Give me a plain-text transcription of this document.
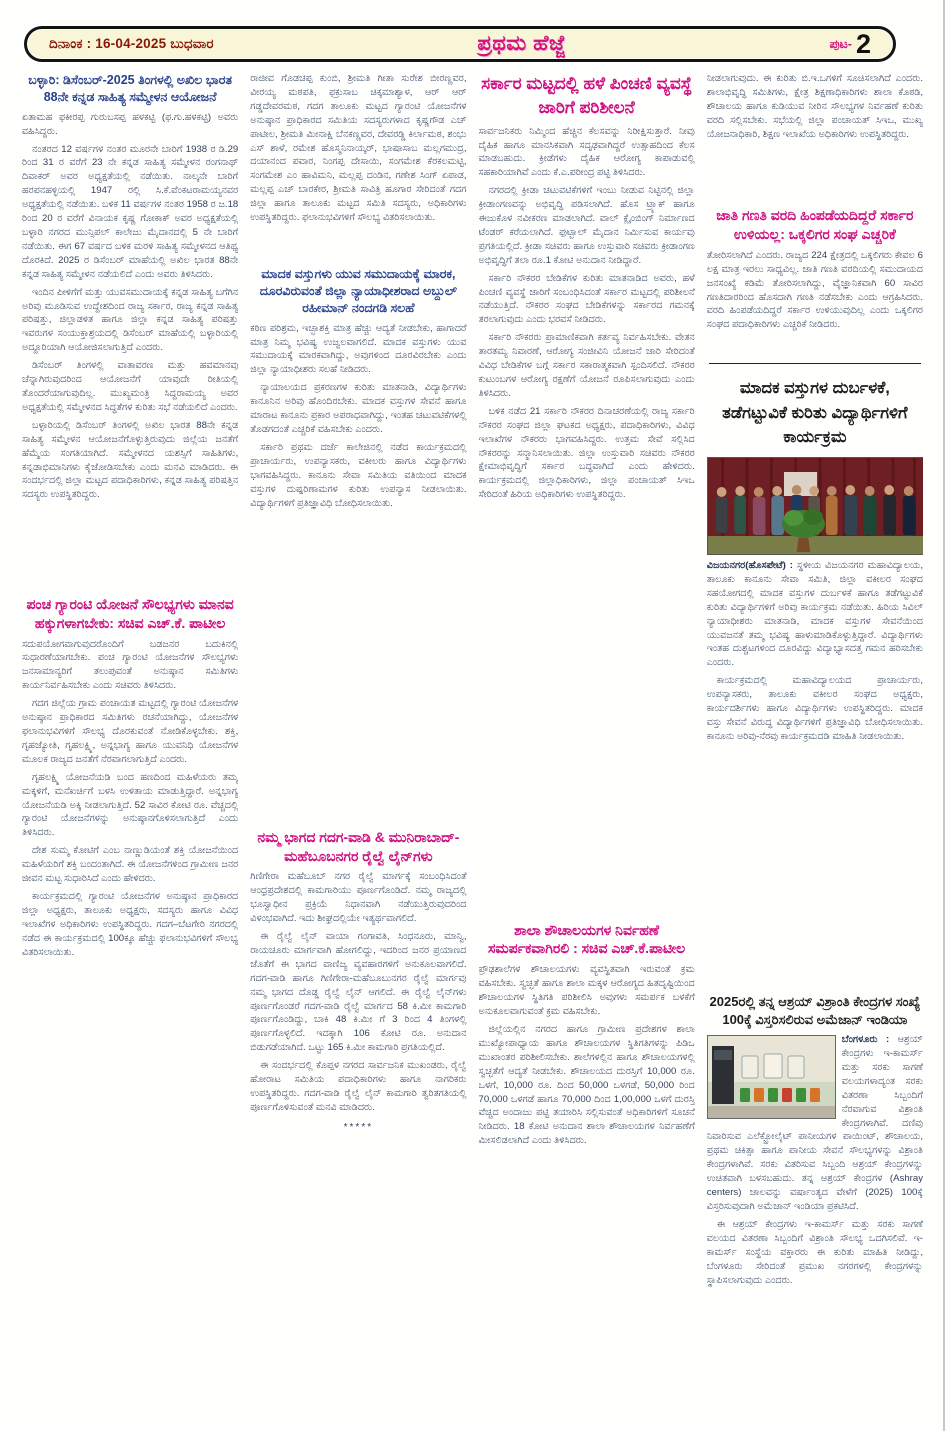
ದಿನಾಂಕ : 16-04-2025 ಬುಧವಾರ	ಪ್ರಥಮ ಹೆಜ್ಜೆ	ಪುಟ- 2
ಬಳ್ಳಾರಿ: ಡಿಸೆಂಬರ್-2025 ತಿಂಗಳಲ್ಲಿ ಅಖಿಲ ಭಾರತ 88ನೇ ಕನ್ನಡ ಸಾಹಿತ್ಯ ಸಮ್ಮೇಳನ ಆಯೋಜನೆ

ಏತಾಮಹ ಫಕೀರಪ್ಪ ಗುರುಬಸಪ್ಪ ಹಳಕಟ್ಟಿ (ಫ.ಗು.ಹಳಕಟ್ಟಿ) ಅವರು ವಹಿಸಿದ್ದರು.

ನಂತರದ 12 ವರ್ಷಗಳ ನಂತರ ಮೂರನೇ ಬಾರಿಗೆ 1938 ರ ಡಿ.29 ರಿಂದ 31 ರ ವರೆಗೆ 23 ನೇ ಕನ್ನಡ ಸಾಹಿತ್ಯ ಸಮ್ಮೇಳನ ರಂಗನಾಥ್ ದಿವಾಕರ್ ಅವರ ಅಧ್ಯಕ್ಷತೆಯಲ್ಲಿ ನಡೆಯಿತು. ನಾಲ್ಕನೇ ಬಾರಿಗೆ ಹರಪನಹಳ್ಳಿಯಲ್ಲಿ 1947 ರಲ್ಲಿ ಸಿ.ಕೆ.ವೆಂಕಟರಾಮಯ್ಯನವರ ಅಧ್ಯಕ್ಷತೆಯಲ್ಲಿ ನಡೆಯಿತು. ಬಳಿಕ 11 ವರ್ಷಗಳ ನಂತರ 1958 ರ ಜ.18 ರಿಂದ 20 ರ ವರೆಗೆ ವಿನಾಯಕ ಕೃಷ್ಣ ಗೋಕಾಕ್ ಅವರ ಅಧ್ಯಕ್ಷತೆಯಲ್ಲಿ ಬಳ್ಳಾರಿ ನಗರದ ಮುನ್ಸಿಪಲ್ ಕಾಲೇಜು ಮೈದಾನದಲ್ಲಿ 5 ನೇ ಬಾರಿಗೆ ನಡೆಯಿತು. ಈಗ 67 ವರ್ಷದ ಬಳಿಕ ಮರಳಿ ಸಾಹಿತ್ಯ ಸಮ್ಮೇಳನದ ಆತಿಥ್ಯ ದೊರಕಿದೆ. 2025 ರ ಡಿಸೆಂಬರ್ ಮಾಹೆಯಲ್ಲಿ ಅಖಿಲ ಭಾರತ 88ನೇ ಕನ್ನಡ ಸಾಹಿತ್ಯ ಸಮ್ಮೇಳನ ನಡೆಯಲಿದೆ ಎಂದು ಅವರು ತಿಳಿಸಿದರು.

ಇಂದಿನ ಪೀಳಿಗೆಗೆ ಮತ್ತು ಯುವಸಮುದಾಯಕ್ಕೆ ಕನ್ನಡ ಸಾಹಿತ್ಯ ಬಗೆಗಿನ ಅರಿವು ಮೂಡಿಸುವ ಉದ್ದೇಶದಿಂದ ರಾಜ್ಯ ಸರ್ಕಾರ, ರಾಜ್ಯ ಕನ್ನಡ ಸಾಹಿತ್ಯ ಪರಿಷತ್ತು, ಜಿಲ್ಲಾಡಳಿತ ಹಾಗೂ ಜಿಲ್ಲಾ ಕನ್ನಡ ಸಾಹಿತ್ಯ ಪರಿಷತ್ತು ಇವರುಗಳ ಸಂಯುಕ್ತಾಶ್ರಯದಲ್ಲಿ ಡಿಸೆಂಬರ್ ಮಾಹೆಯಲ್ಲಿ ಬಳ್ಳಾರಿಯಲ್ಲಿ ಅದ್ದೂರಿಯಾಗಿ ಆಯೋಜಿಸಲಾಗುತ್ತಿದೆ ಎಂದರು.

ಡಿಸೆಂಬರ್ ತಿಂಗಳಲ್ಲಿ ವಾತಾವರಣ ಮತ್ತು ಹವಮಾನವು ಚೆನ್ನಾಗಿರುವುದರಿಂದ ಆಯೋಜನೆಗೆ ಯಾವುದೇ ರೀತಿಯಲ್ಲಿ ತೊಂದರೆಯಾಗುವುದಿಲ್ಲ. ಮುಖ್ಯಮಂತ್ರಿ ಸಿದ್ದರಾಮಯ್ಯ ಅವರ ಅಧ್ಯಕ್ಷತೆಯಲ್ಲಿ ಸಮ್ಮೇಳನದ ಸಿದ್ಧತೆಗಳ ಕುರಿತು ಸಭೆ ನಡೆಯಲಿದೆ ಎಂದರು.

ಬಳ್ಳಾರಿಯಲ್ಲಿ ಡಿಸೆಂಬರ್ ತಿಂಗಳಲ್ಲಿ ಅಖಿಲ ಭಾರತ 88ನೇ ಕನ್ನಡ ಸಾಹಿತ್ಯ ಸಮ್ಮೇಳನ ಆಯೋಜನೆಗೊಳ್ಳುತ್ತಿರುವುದು ಜಿಲ್ಲೆಯ ಜನತೆಗೆ ಹೆಮ್ಮೆಯ ಸಂಗತಿಯಾಗಿದೆ. ಸಮ್ಮೇಳನದ ಯಶಸ್ಸಿಗೆ ಸಾಹಿತಿಗಳು, ಕನ್ನಡಾಭಿಮಾನಿಗಳು ಕೈಜೋಡಿಸಬೇಕು ಎಂದು ಮನವಿ ಮಾಡಿದರು. ಈ ಸಂದರ್ಭದಲ್ಲಿ ಜಿಲ್ಲಾ ಮಟ್ಟದ ಪದಾಧಿಕಾರಿಗಳು, ಕನ್ನಡ ಸಾಹಿತ್ಯ ಪರಿಷತ್ತಿನ ಸದಸ್ಯರು ಉಪಸ್ಥಿತರಿದ್ದರು.

ಪಂಚ ಗ್ಯಾರಂಟಿ ಯೋಜನೆ ಸೌಲಭ್ಯಗಳು ಮಾನವ ಹಕ್ಕುಗಳಾಗಬೇಕು: ಸಚಿವ ಎಚ್.ಕೆ. ಪಾಟೀಲ

ಸದುಪಯೋಗವಾಗುವುದರೊಂದಿಗೆ ಬಡಜನರ ಬದುಕಿನಲ್ಲಿ ಸುಧಾರಣೆಯಾಗಬೇಕು. ಪಂಚ ಗ್ಯಾರಂಟಿ ಯೋಜನೆಗಳ ಸೌಲಭ್ಯಗಳು ಜನಸಾಮಾನ್ಯರಿಗೆ ತಲುಪುವಂತೆ ಅನುಷ್ಠಾನ ಸಮಿತಿಗಳು ಕಾರ್ಯನಿರ್ವಹಿಸಬೇಕು ಎಂದು ಸಚಿವರು ತಿಳಿಸಿದರು.

ಗದಗ ಜಿಲ್ಲೆಯ ಗ್ರಾಮ ಪಂಚಾಯತ ಮಟ್ಟದಲ್ಲಿ ಗ್ಯಾರಂಟಿ ಯೋಜನೆಗಳ ಅನುಷ್ಠಾನ ಪ್ರಾಧಿಕಾರದ ಸಮಿತಿಗಳು ರಚನೆಯಾಗಿದ್ದು, ಯೋಜನೆಗಳ ಫಲಾನುಭವಿಗಳಿಗೆ ಸೌಲಭ್ಯ ದೊರಕುವಂತೆ ನೋಡಿಕೊಳ್ಳಬೇಕು. ಶಕ್ತಿ, ಗೃಹಜ್ಯೋತಿ, ಗೃಹಲಕ್ಷ್ಮಿ, ಅನ್ನಭಾಗ್ಯ ಹಾಗೂ ಯುವನಿಧಿ ಯೋಜನೆಗಳ ಮೂಲಕ ರಾಜ್ಯದ ಜನತೆಗೆ ನೆರವಾಗಲಾಗುತ್ತಿದೆ ಎಂದರು.

ಗೃಹಲಕ್ಷ್ಮಿ ಯೋಜನೆಯಡಿ ಬಂದ ಹಣದಿಂದ ಮಹಿಳೆಯರು ತಮ್ಮ ಮಕ್ಕಳಿಗೆ, ಮನೆಖರ್ಚಿಗೆ ಬಳಸಿ ಉಳಿತಾಯ ಮಾಡುತ್ತಿದ್ದಾರೆ. ಅನ್ನಭಾಗ್ಯ ಯೋಜನೆಯಡಿ ಅಕ್ಕಿ ನೀಡಲಾಗುತ್ತಿದೆ. 52 ಸಾವಿರ ಕೋಟಿ ರೂ. ವೆಚ್ಚದಲ್ಲಿ ಗ್ಯಾರಂಟಿ ಯೋಜನೆಗಳನ್ನು ಅನುಷ್ಠಾನಗೊಳಿಸಲಾಗುತ್ತಿದೆ ಎಂದು ತಿಳಿಸಿದರು.

ದೇಶ ಸುಮ್ಮ ಕೋಟಿಗೆ ಎಂಬ ನಾಣ್ಣುಡಿಯಂತೆ ಶಕ್ತಿ ಯೋಜನೆಯಿಂದ ಮಹಿಳೆಯರಿಗೆ ಶಕ್ತಿ ಬಂದಂತಾಗಿದೆ. ಈ ಯೋಜನೆಗಳಿಂದ ಗ್ರಾಮೀಣ ಜನರ ಜೀವನ ಮಟ್ಟ ಸುಧಾರಿಸಿದೆ ಎಂದು ಹೇಳಿದರು.

ಕಾರ್ಯಕ್ರಮದಲ್ಲಿ ಗ್ಯಾರಂಟಿ ಯೋಜನೆಗಳ ಅನುಷ್ಠಾನ ಪ್ರಾಧಿಕಾರದ ಜಿಲ್ಲಾ ಅಧ್ಯಕ್ಷರು, ತಾಲೂಕು ಅಧ್ಯಕ್ಷರು, ಸದಸ್ಯರು ಹಾಗೂ ವಿವಿಧ ಇಲಾಖೆಗಳ ಅಧಿಕಾರಿಗಳು ಉಪಸ್ಥಿತರಿದ್ದರು. ಗದಗ–ಬೆಟಗೇರಿ ನಗರದಲ್ಲಿ ನಡೆದ ಈ ಕಾರ್ಯಕ್ರಮದಲ್ಲಿ 100ಕ್ಕೂ ಹೆಚ್ಚು ಫಲಾನುಭವಿಗಳಿಗೆ ಸೌಲಭ್ಯ ವಿತರಿಸಲಾಯಿತು.

ರಾಜೀವ ಗೊಡಚಪ್ಪ ಕುಂಬಿ, ಶ್ರೀಮತಿ ಗೀತಾ ಸುರೇಶ ಬೀರಣ್ಣವರ, ವೀರಯ್ಯ ಮಠಪತಿ, ಫಕ್ರುಸಾಬ ಚಿಕ್ಕಮಾಶ್ಯಾಳ, ಆರ್ ಆರ್ ಗಡ್ಡದೇವರಮಠ, ಗದಗ ತಾಲೂಕು ಮಟ್ಟದ ಗ್ಯಾರಂಟಿ ಯೋಜನೆಗಳ ಅನುಷ್ಠಾನ ಪ್ರಾಧಿಕಾರದ ಸಮಿತಿಯ ಸದಸ್ಯರುಗಳಾದ ಕೃಷ್ಣಗೌಡ ಎಚ್ ಪಾಟೀಲ, ಶ್ರೀಮತಿ ಮೀನಾಕ್ಷಿ ಬೆನಕಣ್ಣವರ, ದೇವರಡ್ಡಿ ಕಿರ್ಲಾಮಠ, ಶಂಭು ಎಸ್ ಶಾಳೆ, ರಮೇಶ ಹೊಸ್ಮನಿನಾಯ್ಕರ್, ಭಾಷಾಸಾಬ ಮಲ್ಲಗಮುದ್ರ, ದಯಾನಂದ ಪವಾರ, ನಿಂಗಪ್ಪ ದೇಸಾಯಿ, ಸಂಗಮೇಶ ಕೆರಕಲಮಟ್ಟಿ, ಸಂಗಮೇಶ ಎಂ ಹಾವಿಮನಿ, ಮಲ್ಲಪ್ಪ ದಂಡಿನ, ಗಣೇಶ ಸಿಂಗ್ ಏಪಾಡ, ಮಲ್ಲಪ್ಪ ಎಚ್ ಬಾರಕೇರ, ಶ್ರೀಮತಿ ಸಾವಿತ್ರಿ ಹೂಗಾರ ಸೇರಿದಂತೆ ಗದಗ ಜಿಲ್ಲಾ ಹಾಗೂ ತಾಲೂಕು ಮಟ್ಟದ ಸಮಿತಿ ಸದಸ್ಯರು, ಅಧಿಕಾರಿಗಳು ಉಪಸ್ಥಿತರಿದ್ದರು. ಫಲಾನುಭವಿಗಳಿಗೆ ಸೌಲಭ್ಯ ವಿತರಿಸಲಾಯಿತು.

ಮಾದಕ ವಸ್ತುಗಳು ಯುವ ಸಮುದಾಯಕ್ಕೆ ಮಾರಕ, ದೂರವಿರುವಂತೆ ಜಿಲ್ಲಾ ನ್ಯಾಯಾಧೀಶರಾದ ಅಬ್ದುಲ್ ರಹೀಮಾನ್ ನಂದಗಡಿ ಸಲಹೆ

ಕಠಿಣ ಪರಿಶ್ರಮ, ಇಚ್ಛಾಶಕ್ತಿ ಮಾತ್ರ ಹೆಚ್ಚು ಆದ್ಯತೆ ನೀಡಬೇಕು, ಹಾಗಾದರೆ ಮಾತ್ರ ನಿಮ್ಮ ಭವಿಷ್ಯ ಉಜ್ವಲವಾಗಲಿದೆ. ಮಾದಕ ವಸ್ತುಗಳು ಯುವ ಸಮುದಾಯಕ್ಕೆ ಮಾರಕವಾಗಿದ್ದು, ಅವುಗಳಿಂದ ದೂರವಿರಬೇಕು ಎಂದು ಜಿಲ್ಲಾ ನ್ಯಾಯಾಧೀಶರು ಸಲಹೆ ನೀಡಿದರು.

ನ್ಯಾಯಾಲಯದ ಪ್ರಕರಣಗಳ ಕುರಿತು ಮಾತನಾಡಿ, ವಿದ್ಯಾರ್ಥಿಗಳು ಕಾನೂನಿನ ಅರಿವು ಹೊಂದಿರಬೇಕು. ಮಾದಕ ವಸ್ತುಗಳ ಸೇವನೆ ಹಾಗೂ ಮಾರಾಟ ಕಾನೂನು ಪ್ರಕಾರ ಅಪರಾಧವಾಗಿದ್ದು, ಇಂತಹ ಚಟುವಟಿಕೆಗಳಲ್ಲಿ ತೊಡಗದಂತೆ ಎಚ್ಚರಿಕೆ ವಹಿಸಬೇಕು ಎಂದರು.

ಸರ್ಕಾರಿ ಪ್ರಥಮ ದರ್ಜೆ ಕಾಲೇಜಿನಲ್ಲಿ ನಡೆದ ಕಾರ್ಯಕ್ರಮದಲ್ಲಿ ಪ್ರಾಚಾರ್ಯರು, ಉಪನ್ಯಾಸಕರು, ವಕೀಲರು ಹಾಗೂ ವಿದ್ಯಾರ್ಥಿಗಳು ಭಾಗವಹಿಸಿದ್ದರು. ಕಾನೂನು ಸೇವಾ ಸಮಿತಿಯ ವತಿಯಿಂದ ಮಾದಕ ವಸ್ತುಗಳ ದುಷ್ಪರಿಣಾಮಗಳ ಕುರಿತು ಉಪನ್ಯಾಸ ನೀಡಲಾಯಿತು. ವಿದ್ಯಾರ್ಥಿಗಳಿಗೆ ಪ್ರತಿಜ್ಞಾವಿಧಿ ಬೋಧಿಸಲಾಯಿತು.

ನಮ್ಮ ಭಾಗದ ಗದಗ-ವಾಡಿ & ಮುನಿರಾಬಾದ್- ಮಹೆಬೂಬನಗರ ರೈಲ್ವೆ ಲೈನ್‌ಗಳು

ಗಿಣಿಗೇರಾ ಮಹೆಬೂಬ್ ನಗರ ರೈಲ್ವೆ ಮಾರ್ಗಕ್ಕೆ ಸಂಬಂಧಿಸಿದಂತೆ ಆಂಧ್ರಪ್ರದೇಶದಲ್ಲಿ ಕಾಮಗಾರಿಯು ಪೂರ್ಣಗೊಂಡಿದೆ. ನಮ್ಮ ರಾಜ್ಯದಲ್ಲಿ ಭೂಸ್ವಾಧೀನ ಪ್ರಕ್ರಿಯೆ ನಿಧಾನವಾಗಿ ನಡೆಯುತ್ತಿರುವುದರಿಂದ ವಿಳಂಭವಾಗಿದೆ. ಇದು ಶೀಘ್ರದಲ್ಲಿಯೇ ಇತ್ಯರ್ಥವಾಗಲಿದೆ.

ಈ ರೈಲ್ವೆ ಲೈನ್ ವಾಯಾ ಗಂಗಾವತಿ, ಸಿಂಧನೂರು, ಮಾನ್ವಿ, ರಾಯಚೂರು ಮಾರ್ಗವಾಗಿ ಹೋಗಲಿದ್ದು, ಇದರಿಂದ ಜನರ ಪ್ರಯಾಣದ ಜೊತೆಗೆ ಈ ಭಾಗದ ವಾಣಿಜ್ಯ ವ್ಯವಹಾರಗಳಿಗೆ ಅನುಕೂಲವಾಗಲಿದೆ. ಗದಗ-ವಾಡಿ ಹಾಗೂ ಗಿಣಿಗೇರಾ-ಮಹೆಬೂಬುನಗರ ರೈಲ್ವೆ ಮಾರ್ಗವು ನಮ್ಮ ಭಾಗದ ದೊಡ್ಡ ರೈಲ್ವೆ ಲೈನ್ ಆಗಲಿದೆ. ಈ ರೈಲ್ವೆ ಲೈನ್‌ಗಳು ಪೂರ್ಣಗೊಂಡರೆ ಗದಗ-ವಾಡಿ ರೈಲ್ವೆ ಮಾರ್ಗದ 58 ಕಿ.ಮೀ ಕಾಮಗಾರಿ ಪೂರ್ಣಗೊಂಡಿದ್ದು, ಬಾಕಿ 48 ಕಿ.ಮೀ ಗೆ 3 ರಿಂದ 4 ತಿಂಗಳಲ್ಲಿ ಪೂರ್ಣಗೊಳ್ಳಲಿದೆ. ಇದಕ್ಕಾಗಿ 106 ಕೋಟಿ ರೂ. ಅನುದಾನ ಬಿಡುಗಡೆಯಾಗಿದೆ. ಒಟ್ಟು 165 ಕಿ.ಮೀ ಕಾಮಗಾರಿ ಪ್ರಗತಿಯಲ್ಲಿದೆ.

ಈ ಸಂದರ್ಭದಲ್ಲಿ ಕೊಪ್ಪಳ ನಗರದ ಸಾರ್ವಜನಿಕ ಮುಖಂಡರು, ರೈಲ್ವೆ ಹೋರಾಟ ಸಮಿತಿಯ ಪದಾಧಿಕಾರಿಗಳು ಹಾಗೂ ನಾಗರಿಕರು ಉಪಸ್ಥಿತರಿದ್ದರು. ಗದಗ-ವಾಡಿ ರೈಲ್ವೆ ಲೈನ್ ಕಾಮಗಾರಿ ತ್ವರಿತಗತಿಯಲ್ಲಿ ಪೂರ್ಣಗೊಳಿಸುವಂತೆ ಮನವಿ ಮಾಡಿದರು.

*****
ಸರ್ಕಾರ ಮಟ್ಟದಲ್ಲಿ ಹಳೆ ಪಿಂಚಣಿ ವ್ಯವಸ್ಥೆ ಜಾರಿಗೆ ಪರಿಶೀಲನೆ

ಸಾರ್ವಜನಿಕರು ನಿಮ್ಮಿಂದ ಹೆಚ್ಚಿನ ಕೆಲಸವನ್ನು ನಿರೀಕ್ಷಿಸುತ್ತಾರೆ. ನೀವು ದೈಹಿಕ ಹಾಗೂ ಮಾನಸಿಕವಾಗಿ ಸದೃಢವಾಗಿದ್ದರೆ ಉತ್ಸಾಹದಿಂದ ಕೆಲಸ ಮಾಡಬಹುದು. ಕ್ರೀಡೆಗಳು ದೈಹಿಕ ಆರೋಗ್ಯ ಕಾಪಾಡುವಲ್ಲಿ ಸಹಕಾರಿಯಾಗಿವೆ ಎಂದು ಕೆ.ಎ.ಪರೀಂದ್ರ ಪಟ್ಟಿ ತಿಳಿಸಿದರು.

ನಗರದಲ್ಲಿ ಕ್ರೀಡಾ ಚಟುವಟಿಕೆಗಳಿಗೆ ಇಂಬು ನೀಡುವ ನಿಟ್ಟಿನಲ್ಲಿ ಜಿಲ್ಲಾ ಕ್ರೀಡಾಂಗಣವನ್ನು ಅಭಿವೃದ್ಧಿ ಪಡಿಸಲಾಗಿದೆ. ಹೊಸ ಟ್ರ್ಯಾಕ್ ಹಾಗೂ ಈಜುಕೊಳ ನವೀಕರಣ ಮಾಡಲಾಗಿದೆ. ವಾಲ್ ಕ್ಲೈಂಬಿಂಗ್ ನಿರ್ಮಾಣದ ಟೆಂಡರ್ ಕರೆಯಲಾಗಿದೆ. ಫುಟ್ಬಾಲ್ ಮೈದಾನ ನಿರ್ಮಿಸುವ ಕಾರ್ಯವು ಪ್ರಗತಿಯಲ್ಲಿದೆ. ಕ್ರೀಡಾ ಸಚಿವರು ಹಾಗೂ ಉಸ್ತುವಾರಿ ಸಚಿವರು ಕ್ರೀಡಾಂಗಣ ಅಭಿವೃದ್ಧಿಗೆ ತಲಾ ರೂ.1 ಕೋಟಿ ಅನುದಾನ ನೀಡಿದ್ದಾರೆ.

ಸರ್ಕಾರಿ ನೌಕರರ ಬೇಡಿಕೆಗಳ ಕುರಿತು ಮಾತನಾಡಿದ ಅವರು, ಹಳೆ ಪಿಂಚಣಿ ವ್ಯವಸ್ಥೆ ಜಾರಿಗೆ ಸಂಬಂಧಿಸಿದಂತೆ ಸರ್ಕಾರ ಮಟ್ಟದಲ್ಲಿ ಪರಿಶೀಲನೆ ನಡೆಯುತ್ತಿದೆ. ನೌಕರರ ಸಂಘದ ಬೇಡಿಕೆಗಳನ್ನು ಸರ್ಕಾರದ ಗಮನಕ್ಕೆ ತರಲಾಗುವುದು ಎಂದು ಭರವಸೆ ನೀಡಿದರು.

ಸರ್ಕಾರಿ ನೌಕರರು ಪ್ರಾಮಾಣಿಕವಾಗಿ ಕರ್ತವ್ಯ ನಿರ್ವಹಿಸಬೇಕು. ವೇತನ ತಾರತಮ್ಯ ನಿವಾರಣೆ, ಆರೋಗ್ಯ ಸಂಜೀವಿನಿ ಯೋಜನೆ ಜಾರಿ ಸೇರಿದಂತೆ ವಿವಿಧ ಬೇಡಿಕೆಗಳ ಬಗ್ಗೆ ಸರ್ಕಾರ ಸಕಾರಾತ್ಮಕವಾಗಿ ಸ್ಪಂದಿಸಲಿದೆ. ನೌಕರರ ಕುಟುಂಬಗಳ ಆರೋಗ್ಯ ರಕ್ಷಣೆಗೆ ಯೋಜನೆ ರೂಪಿಸಲಾಗುವುದು ಎಂದು ತಿಳಿಸಿದರು.

ಬಳಿಕ ನಡೆದ 21 ಸರ್ಕಾರಿ ನೌಕರರ ದಿನಾಚರಣೆಯಲ್ಲಿ ರಾಜ್ಯ ಸರ್ಕಾರಿ ನೌಕರರ ಸಂಘದ ಜಿಲ್ಲಾ ಘಟಕದ ಅಧ್ಯಕ್ಷರು, ಪದಾಧಿಕಾರಿಗಳು, ವಿವಿಧ ಇಲಾಖೆಗಳ ನೌಕರರು ಭಾಗವಹಿಸಿದ್ದರು. ಉತ್ತಮ ಸೇವೆ ಸಲ್ಲಿಸಿದ ನೌಕರರನ್ನು ಸನ್ಮಾನಿಸಲಾಯಿತು. ಜಿಲ್ಲಾ ಉಸ್ತುವಾರಿ ಸಚಿವರು ನೌಕರರ ಕ್ಷೇಮಾಭಿವೃದ್ಧಿಗೆ ಸರ್ಕಾರ ಬದ್ಧವಾಗಿದೆ ಎಂದು ಹೇಳಿದರು. ಕಾರ್ಯಕ್ರಮದಲ್ಲಿ ಜಿಲ್ಲಾಧಿಕಾರಿಗಳು, ಜಿಲ್ಲಾ ಪಂಚಾಯತ್ ಸಿಇಒ ಸೇರಿದಂತೆ ಹಿರಿಯ ಅಧಿಕಾರಿಗಳು ಉಪಸ್ಥಿತರಿದ್ದರು.

ಶಾಲಾ ಶೌಚಾಲಯಗಳ ನಿರ್ವಹಣೆ ಸಮರ್ಪಕವಾಗಿರಲಿ : ಸಚಿವ ಎಚ್.ಕೆ.ಪಾಟೀಲ

ಪ್ರೌಢಶಾಲೆಗಳ ಶೌಚಾಲಯಗಳು ವ್ಯವಸ್ಥಿತವಾಗಿ ಇರುವಂತೆ ಕ್ರಮ ವಹಿಸಬೇಕು. ಸ್ವಚ್ಛತೆ ಹಾಗೂ ಶಾಲಾ ಮಕ್ಕಳ ಆರೋಗ್ಯದ ಹಿತದೃಷ್ಟಿಯಿಂದ ಶೌಚಾಲಯಗಳ ಸ್ಥಿತಿಗತಿ ಪರಿಶೀಲಿಸಿ ಅವುಗಳು ಸಮರ್ಪಕ ಬಳಕೆಗೆ ಅನುಕೂಲವಾಗುವಂತೆ ಕ್ರಮ ವಹಿಸಬೇಕು.

ಜಿಲ್ಲೆಯಲ್ಲಿನ ನಗರದ ಹಾಗೂ ಗ್ರಾಮೀಣ ಪ್ರದೇಶಗಳ ಶಾಲಾ ಮುಖ್ಯೋಪಾಧ್ಯಾಯ ಹಾಗೂ ಶೌಚಾಲಯಗಳ ಸ್ಥಿತಿಗತಿಗಳನ್ನು ಪಿಡಿಒ ಮುಖಾಂತರ ಪರಿಶೀಲಿಸಬೇಕು. ಶಾಲೆಗಳಲ್ಲಿನ ಹಾಗೂ ಶೌಚಾಲಯಗಳಲ್ಲಿ ಸ್ವಚ್ಛತೆಗೆ ಆದ್ಯತೆ ನೀಡಬೇಕು. ಶೌಚಾಲಯದ ದುರಸ್ತಿಗೆ 10,000 ರೂ. ಒಳಗೆ, 10,000 ರೂ. ದಿಂದ 50,000 ಒಳಗಡೆ, 50,000 ರಿಂದ 70,000 ಒಳಗಡೆ ಹಾಗೂ 70,000 ದಿಂದ 1,00,000 ಒಳಗೆ ದುರಸ್ತಿ ವೆಚ್ಚದ ಅಂದಾಜು ಪಟ್ಟಿ ತಯಾರಿಸಿ ಸಲ್ಲಿಸುವಂತೆ ಅಧಿಕಾರಿಗಳಿಗೆ ಸೂಚನೆ ನೀಡಿದರು. 18 ಕೋಟಿ ಅನುದಾನ ಶಾಲಾ ಶೌಚಾಲಯಗಳ ನಿರ್ವಹಣೆಗೆ ಮೀಸಲಿಡಲಾಗಿದೆ ಎಂದು ತಿಳಿಸಿದರು.

ನೀಡಲಾಗುವುದು. ಈ ಕುರಿತು ಬಿ.ಇ.ಒಗಳಿಗೆ ಸೂಚಿಸಲಾಗಿದೆ ಎಂದರು. ಶಾಲಾಭಿವೃದ್ಧಿ ಸಮಿತಿಗಳು, ಕ್ಷೇತ್ರ ಶಿಕ್ಷಣಾಧಿಕಾರಿಗಳು ಶಾಲಾ ಕೊಠಡಿ, ಶೌಚಾಲಯ ಹಾಗೂ ಕುಡಿಯುವ ನೀರಿನ ಸೌಲಭ್ಯಗಳ ನಿರ್ವಹಣೆ ಕುರಿತು ವರದಿ ಸಲ್ಲಿಸಬೇಕು. ಸಭೆಯಲ್ಲಿ ಜಿಲ್ಲಾ ಪಂಚಾಯತ್ ಸಿಇಒ, ಮುಖ್ಯ ಯೋಜನಾಧಿಕಾರಿ, ಶಿಕ್ಷಣ ಇಲಾಖೆಯ ಅಧಿಕಾರಿಗಳು ಉಪಸ್ಥಿತರಿದ್ದರು.

ಜಾತಿ ಗಣತಿ ವರದಿ ಹಿಂಪಡೆಯದಿದ್ದರೆ ಸರ್ಕಾರ ಉಳಿಯಲ್ಲ: ಒಕ್ಕಲಿಗರ ಸಂಘ ಎಚ್ಚರಿಕೆ

ತೋರಿಸಲಾಗಿದೆ ಎಂದರು. ರಾಜ್ಯದ 224 ಕ್ಷೇತ್ರದಲ್ಲಿ ಒಕ್ಕಲಿಗರು ಕೇವಲ 6 ಲಕ್ಷ ಮಾತ್ರ ಇರಲು ಸಾಧ್ಯವಿಲ್ಲ. ಜಾತಿ ಗಣತಿ ವರದಿಯಲ್ಲಿ ಸಮುದಾಯದ ಜನಸಂಖ್ಯೆ ಕಡಿಮೆ ತೋರಿಸಲಾಗಿದ್ದು, ವೈಜ್ಞಾನಿಕವಾಗಿ 60 ಸಾವಿರ ಗಣತಿದಾರರಿಂದ ಹೊಸದಾಗಿ ಗಣತಿ ನಡೆಸಬೇಕು ಎಂದು ಆಗ್ರಹಿಸಿದರು. ವರದಿ ಹಿಂಪಡೆಯದಿದ್ದರೆ ಸರ್ಕಾರ ಉಳಿಯುವುದಿಲ್ಲ ಎಂದು ಒಕ್ಕಲಿಗರ ಸಂಘದ ಪದಾಧಿಕಾರಿಗಳು ಎಚ್ಚರಿಕೆ ನೀಡಿದರು.

ಮಾದಕ ವಸ್ತುಗಳ ದುರ್ಬಳಕೆ, ತಡೆಗಟ್ಟುವಿಕೆ ಕುರಿತು ವಿದ್ಯಾರ್ಥಿಗಳಿಗೆ ಕಾರ್ಯಕ್ರಮ

ವಿಜಯನಗರ(ಹೊಸಪೇಟೆ) : ಸ್ಥಳೀಯ ವಿಜಯನಗರ ಮಹಾವಿದ್ಯಾಲಯ, ತಾಲೂಕು ಕಾನೂನು ಸೇವಾ ಸಮಿತಿ, ಜಿಲ್ಲಾ ವಕೀಲರ ಸಂಘದ ಸಹಯೋಗದಲ್ಲಿ ಮಾದಕ ವಸ್ತುಗಳ ದುರ್ಬಳಕೆ ಹಾಗೂ ತಡೆಗಟ್ಟುವಿಕೆ ಕುರಿತು ವಿದ್ಯಾರ್ಥಿಗಳಿಗೆ ಅರಿವು ಕಾರ್ಯಕ್ರಮ ನಡೆಯಿತು. ಹಿರಿಯ ಸಿವಿಲ್ ನ್ಯಾಯಾಧೀಶರು ಮಾತನಾಡಿ, ಮಾದಕ ವಸ್ತುಗಳ ಸೇವನೆಯಿಂದ ಯುವಜನತೆ ತಮ್ಮ ಭವಿಷ್ಯ ಹಾಳುಮಾಡಿಕೊಳ್ಳುತ್ತಿದ್ದಾರೆ. ವಿದ್ಯಾರ್ಥಿಗಳು ಇಂತಹ ದುಶ್ಚಟಗಳಿಂದ ದೂರವಿದ್ದು ವಿದ್ಯಾಭ್ಯಾಸದತ್ತ ಗಮನ ಹರಿಸಬೇಕು ಎಂದರು.

ಕಾರ್ಯಕ್ರಮದಲ್ಲಿ ಮಹಾವಿದ್ಯಾಲಯದ ಪ್ರಾಚಾರ್ಯರು, ಉಪನ್ಯಾಸಕರು, ತಾಲೂಕು ವಕೀಲರ ಸಂಘದ ಅಧ್ಯಕ್ಷರು, ಕಾರ್ಯದರ್ಶಿಗಳು ಹಾಗೂ ವಿದ್ಯಾರ್ಥಿಗಳು ಉಪಸ್ಥಿತರಿದ್ದರು. ಮಾದಕ ವಸ್ತು ಸೇವನೆ ವಿರುದ್ಧ ವಿದ್ಯಾರ್ಥಿಗಳಿಗೆ ಪ್ರತಿಜ್ಞಾವಿಧಿ ಬೋಧಿಸಲಾಯಿತು. ಕಾನೂನು ಅರಿವು-ನೆರವು ಕಾರ್ಯಕ್ರಮದಡಿ ಮಾಹಿತಿ ನೀಡಲಾಯಿತು.

2025ರಲ್ಲಿ ತನ್ನ ಆಶ್ರಯ್ ವಿಶ್ರಾಂತಿ ಕೇಂದ್ರಗಳ ಸಂಖ್ಯೆ 100ಕ್ಕೆ ವಿಸ್ತರಿಸಲಿರುವ ಅಮೆಜಾನ್ ಇಂಡಿಯಾ

ಬೆಂಗಳೂರು : ಆಶ್ರಯ್ ಕೇಂದ್ರಗಳು ಇ-ಕಾಮರ್ಸ್ ಮತ್ತು ಸರಕು ಸಾಗಣೆ ವಲಯಗಳಾದ್ಯಂತ ಸರಕು ವಿತರಣಾ ಸಿಬ್ಬಂದಿಗೆ ನೆರವಾಗುವ ವಿಶ್ರಾಂತಿ ಕೇಂದ್ರಗಳಾಗಿವೆ. ದಣಿವು ನಿವಾರಿಸುವ ಎಲೆಕ್ಟ್ರೋಲೈಟ್ ಪಾನೀಯಗಳ ಪಾಯಿಂಟ್, ಶೌಚಾಲಯ, ಪ್ರಥಮ ಚಿಕಿತ್ಸಾ ಹಾಗೂ ಪಾನೀಯ ಸೇವನೆ ಸೌಲಭ್ಯಗಳನ್ನು ವಿಶ್ರಾಂತಿ ಕೇಂದ್ರಗಳಾಗಿವೆ. ಸರಕು ವಿತರಿಸುವ ಸಿಬ್ಬಂದಿ ಆಶ್ರಯ್ ಕೇಂದ್ರಗಳನ್ನು ಉಚಿತವಾಗಿ ಬಳಸಬಹುದು. ತನ್ನ ಆಶ್ರಯ್ ಕೇಂದ್ರಗಳ (Ashray centers) ಜಾಲವನ್ನು ವರ್ಷಾಂತ್ಯದ ವೇಳೆಗೆ (2025) 100ಕ್ಕೆ ವಿಸ್ತರಿಸುವುದಾಗಿ ಅಮೆಜಾನ್ ಇಂಡಿಯಾ ಪ್ರಕಟಿಸಿದೆ.

ಈ ಆಶ್ರಯ್ ಕೇಂದ್ರಗಳು ಇ-ಕಾಮರ್ಸ್ ಮತ್ತು ಸರಕು ಸಾಗಣೆ ವಲಯದ ವಿತರಣಾ ಸಿಬ್ಬಂದಿಗೆ ವಿಶ್ರಾಂತಿ ಸೌಲಭ್ಯ ಒದಗಿಸಲಿವೆ. ಇ-ಕಾಮರ್ಸ್ ಸಂಸ್ಥೆಯ ವಕ್ತಾರರು ಈ ಕುರಿತು ಮಾಹಿತಿ ನೀಡಿದ್ದು, ಬೆಂಗಳೂರು ಸೇರಿದಂತೆ ಪ್ರಮುಖ ನಗರಗಳಲ್ಲಿ ಕೇಂದ್ರಗಳನ್ನು ಸ್ಥಾಪಿಸಲಾಗುವುದು ಎಂದರು.
